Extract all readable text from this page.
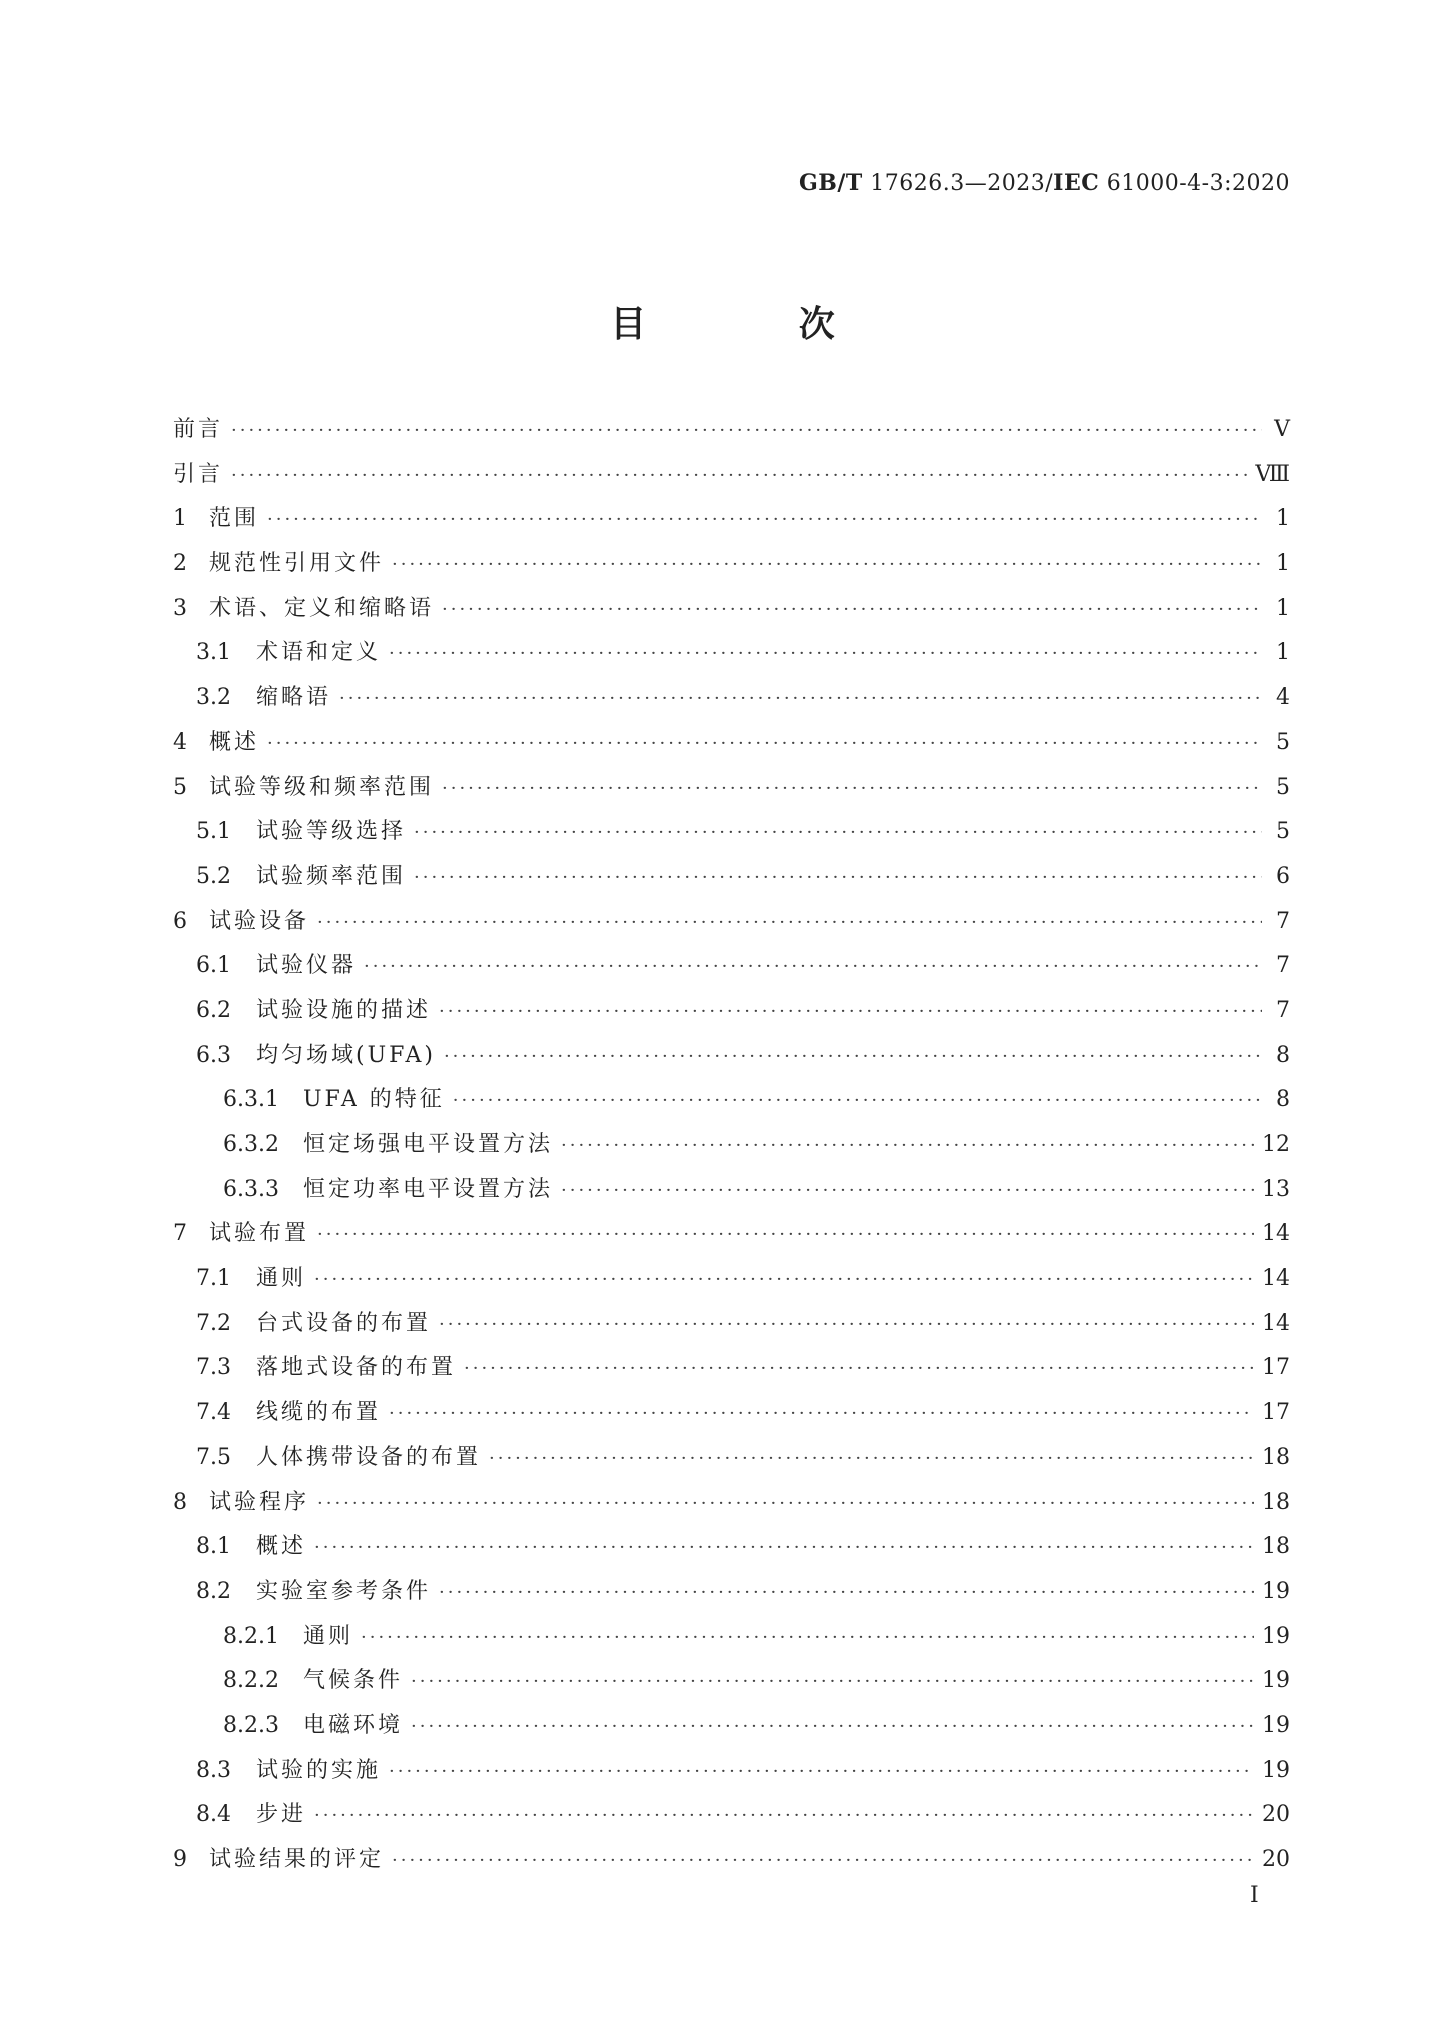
GB/T 17626.3—2023/IEC 61000-4-3:2020
目 次
前言 ·····	Ⅴ
引言 ·····	Ⅷ
1	范围 ·····	1
2	规范性引用文件 ·····	1
3	术语、定义和缩略语 ·····	1
3.1	术语和定义 ·····	1
3.2	缩略语 ·····	4
4	概述 ·····	5
5	试验等级和频率范围 ·····	5
5.1	试验等级选择 ·····	5
5.2	试验频率范围 ·····	6
6	试验设备 ·····	7
6.1	试验仪器 ·····	7
6.2	试验设施的描述 ·····	7
6.3	均匀场域(UFA) ·····	8
6.3.1	UFA 的特征 ·····	8
6.3.2	恒定场强电平设置方法 ·····	12
6.3.3	恒定功率电平设置方法 ·····	13
7	试验布置 ·····	14
7.1	通则 ·····	14
7.2	台式设备的布置 ·····	14
7.3	落地式设备的布置 ·····	17
7.4	线缆的布置 ·····	17
7.5	人体携带设备的布置 ·····	18
8	试验程序 ·····	18
8.1	概述 ·····	18
8.2	实验室参考条件 ·····	19
8.2.1	通则 ·····	19
8.2.2	气候条件 ·····	19
8.2.3	电磁环境 ·····	19
8.3	试验的实施 ·····	19
8.4	步进 ·····	20
9	试验结果的评定 ·····	20
Ⅰ
